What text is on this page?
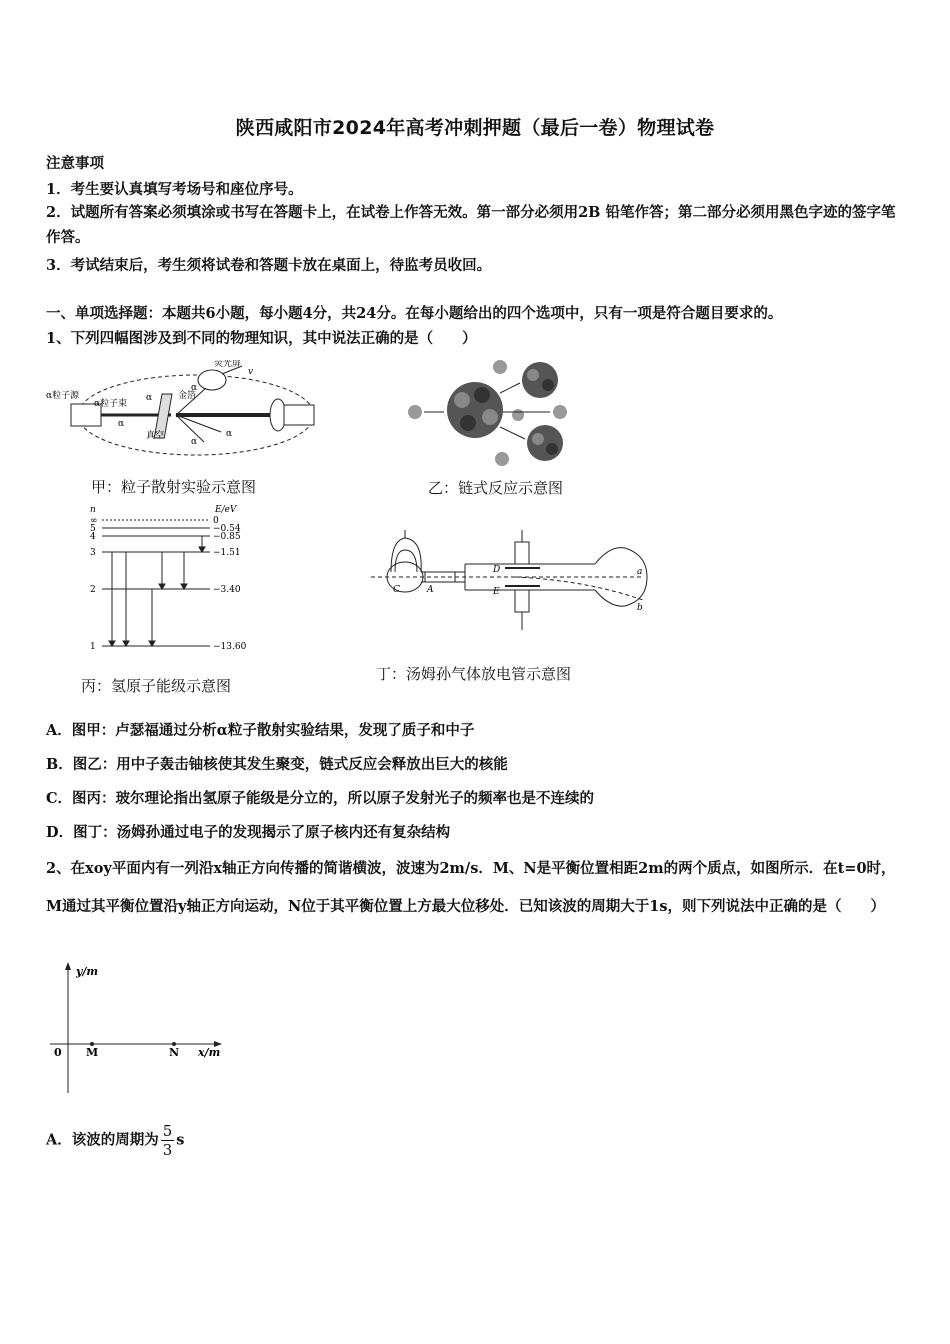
陕西咸阳市2024年高考冲刺押题（最后一卷）物理试卷
注意事项
1．考生要认真填写考场号和座位序号。
2．试题所有答案必须填涂或书写在答题卡上，在试卷上作答无效。第一部分必须用2B 铅笔作答；第二部分必须用黑色字迹的签字笔作答。
3．考试结束后，考生须将试卷和答题卡放在桌面上，待监考员收回。
一、单项选择题：本题共6小题，每小题4分，共24分。在每小题给出的四个选项中，只有一项是符合题目要求的。
1、下列四幅图涉及到不同的物理知识，其中说法正确的是（　　）
α粒子源
α粒子束
金箔
荧光屏
真空
α
α
α
α
α
v
甲：粒子散射实验示意图	乙：链式反应示意图
n	E/eV
∞
5
4
3
2
1
0
−0.54
−0.85
−1.51
−3.40
−13.60
丙：氢原子能级示意图
C	A
D
E
a
b
丁：汤姆孙气体放电管示意图
A．图甲：卢瑟福通过分析α粒子散射实验结果，发现了质子和中子
B．图乙：用中子轰击铀核使其发生聚变，链式反应会释放出巨大的核能
C．图丙：玻尔理论指出氢原子能级是分立的，所以原子发射光子的频率也是不连续的
D．图丁：汤姆孙通过电子的发现揭示了原子核内还有复杂结构
2、在xoy平面内有一列沿x轴正方向传播的简谐横波，波速为2m/s．M、N是平衡位置相距2m的两个质点，如图所示．在t=0时，M通过其平衡位置沿y轴正方向运动，N位于其平衡位置上方最大位移处．已知该波的周期大于1s，则下列说法中正确的是（　　）
y/m
x/m
0 M	N
A．该波的周期为 $\frac{5}{3}$ s
